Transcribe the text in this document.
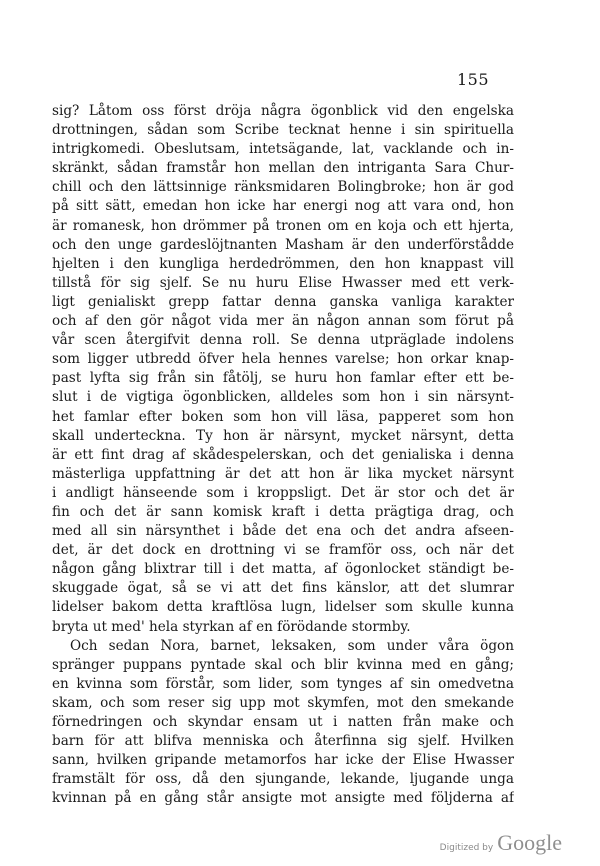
155
sig? Låtom oss först dröja några ögonblick vid den engelska
drottningen, sådan som Scribe tecknat henne i sin spirituella
intrigkomedi. Obeslutsam, intetsägande, lat, vacklande och in-
skränkt, sådan framstår hon mellan den intriganta Sara Chur-
chill och den lättsinnige ränksmidaren Bolingbroke; hon är god
på sitt sätt, emedan hon icke har energi nog att vara ond, hon
är romanesk, hon drömmer på tronen om en koja och ett hjerta,
och den unge gardeslöjtnanten Masham är den underförstådde
hjelten i den kungliga herdedrömmen, den hon knappast vill
tillstå för sig sjelf. Se nu huru Elise Hwasser med ett verk-
ligt genialiskt grepp fattar denna ganska vanliga karakter
och af den gör något vida mer än någon annan som förut på
vår scen återgifvit denna roll. Se denna utpräglade indolens
som ligger utbredd öfver hela hennes varelse; hon orkar knap-
past lyfta sig från sin fåtölj, se huru hon famlar efter ett be-
slut i de vigtiga ögonblicken, alldeles som hon i sin närsynt-
het famlar efter boken som hon vill läsa, papperet som hon
skall underteckna. Ty hon är närsynt, mycket närsynt, detta
är ett fint drag af skådespelerskan, och det genialiska i denna
mästerliga uppfattning är det att hon är lika mycket närsynt
i andligt hänseende som i kroppsligt. Det är stor och det är
fin och det är sann komisk kraft i detta prägtiga drag, och
med all sin närsynthet i både det ena och det andra afseen-
det, är det dock en drottning vi se framför oss, och när det
någon gång blixtrar till i det matta, af ögonlocket ständigt be-
skuggade ögat, så se vi att det fins känslor, att det slumrar
lidelser bakom detta kraftlösa lugn, lidelser som skulle kunna
bryta ut med' hela styrkan af en förödande stormby.
Och sedan Nora, barnet, leksaken, som under våra ögon
spränger puppans pyntade skal och blir kvinna med en gång;
en kvinna som förstår, som lider, som tynges af sin omedvetna
skam, och som reser sig upp mot skymfen, mot den smekande
förnedringen och skyndar ensam ut i natten från make och
barn för att blifva menniska och återfinna sig sjelf. Hvilken
sann, hvilken gripande metamorfos har icke der Elise Hwasser
framstält för oss, då den sjungande, lekande, ljugande unga
kvinnan på en gång står ansigte mot ansigte med följderna af
Digitized by Google
